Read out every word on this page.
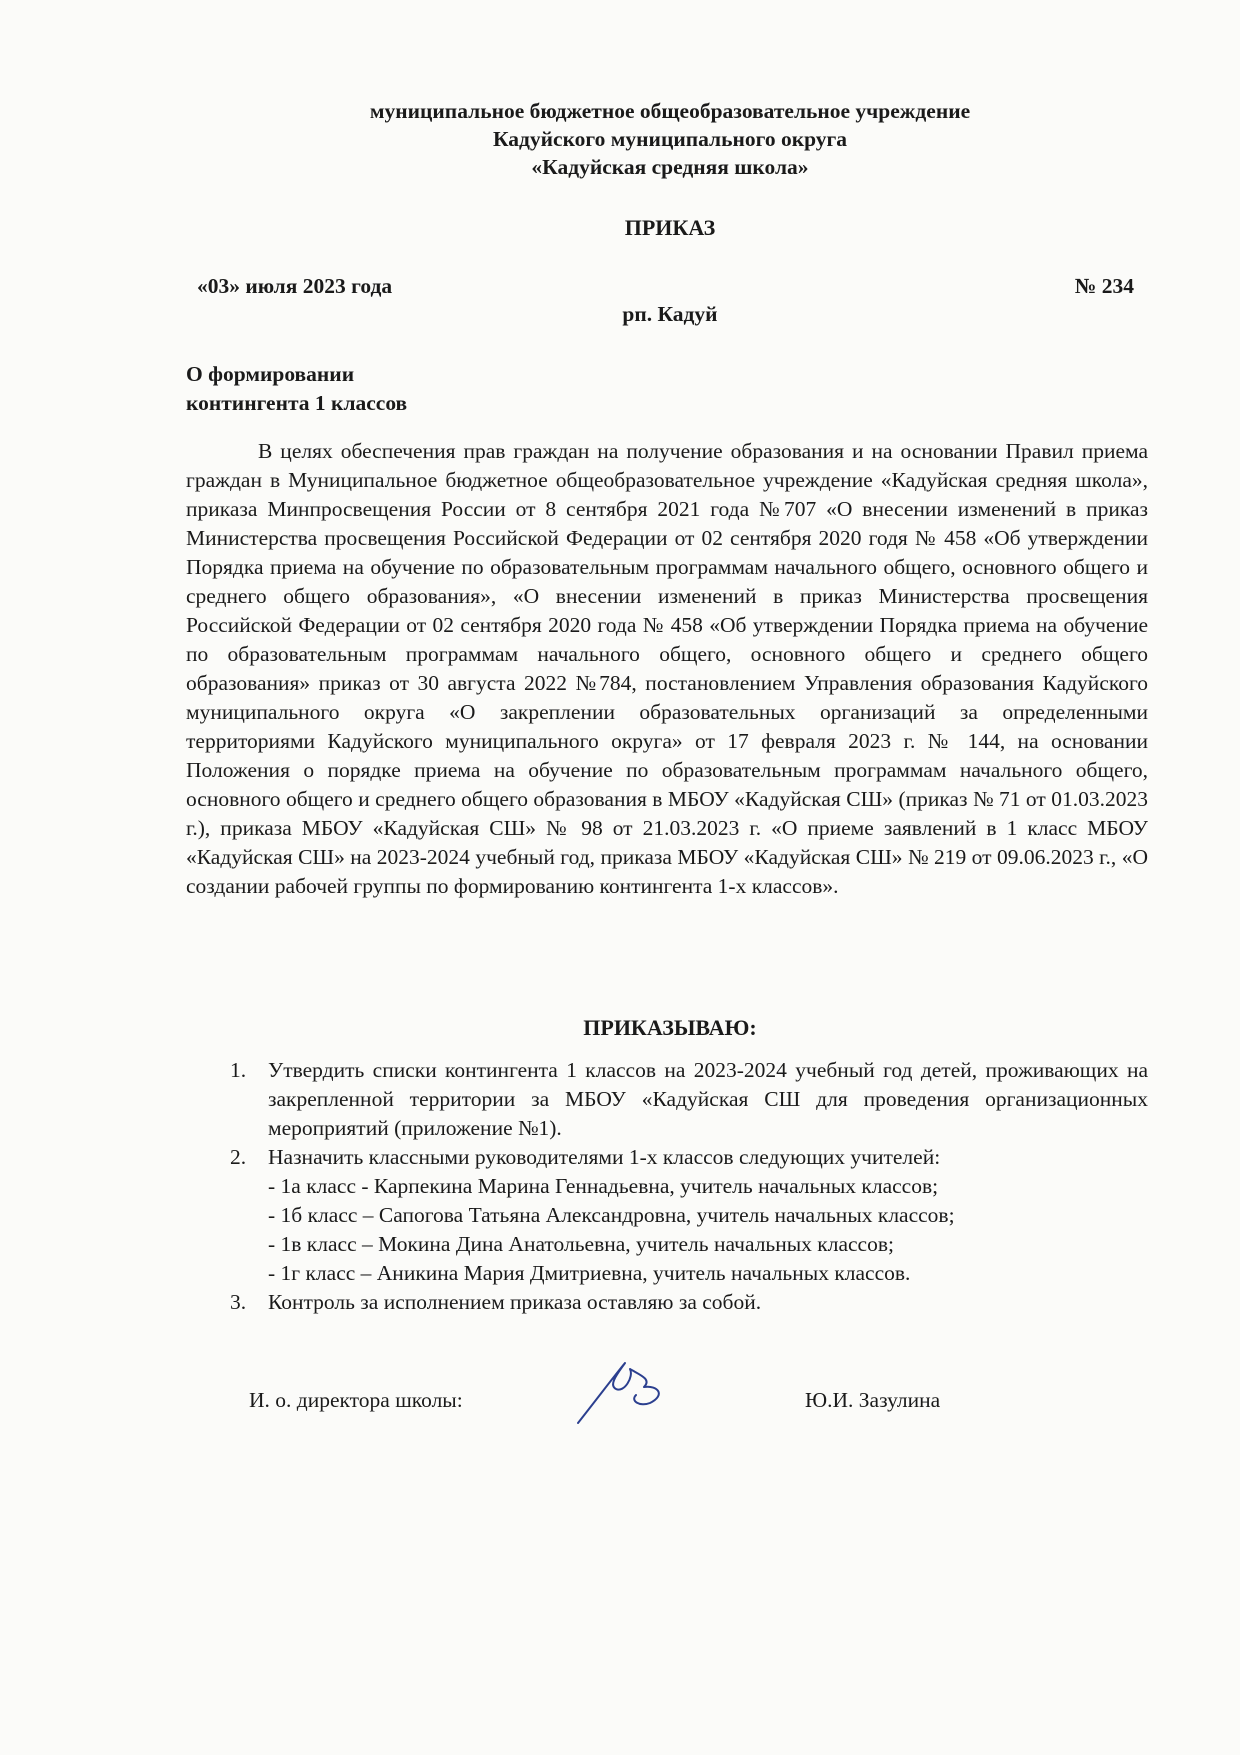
муниципальное бюджетное общеобразовательное учреждение
Кадуйского муниципального округа
«Кадуйская средняя школа»
ПРИКАЗ
«03» июля 2023 года	№ 234
рп. Кадуй
О формировании
контингента 1 классов

В целях обеспечения прав граждан на получение образования и на основании Правил приема граждан в Муниципальное бюджетное общеобразовательное учреждение «Кадуйская средняя школа», приказа Минпросвещения России от 8 сентября 2021 года №707 «О внесении изменений в приказ Министерства просвещения Российской Федерации от 02 сентября 2020 годя № 458 «Об утверждении Порядка приема на обучение по образовательным программам начального общего, основного общего и среднего общего образования», «О внесении изменений в приказ Министерства просвещения Российской Федерации от 02 сентября 2020 года № 458 «Об утверждении Порядка приема на обучение по образовательным программам начального общего, основного общего и среднего общего образования» приказ от 30 августа 2022 №784, постановлением Управления образования Кадуйского муниципального округа «О закреплении образовательных организаций за определенными территориями Кадуйского муниципального округа» от 17 февраля 2023 г. № 144, на основании Положения о порядке приема на обучение по образовательным программам начального общего, основного общего и среднего общего образования в МБОУ «Кадуйская СШ» (приказ № 71 от 01.03.2023 г.), приказа МБОУ «Кадуйская СШ» № 98 от 21.03.2023 г. «О приеме заявлений в 1 класс МБОУ «Кадуйская СШ» на 2023-2024 учебный год, приказа МБОУ «Кадуйская СШ» № 219 от 09.06.2023 г., «О создании рабочей группы по формированию контингента 1-х классов».

ПРИКАЗЫВАЮ:
1.	Утвердить списки контингента 1 классов на 2023-2024 учебный год детей, проживающих на закрепленной территории за МБОУ «Кадуйская СШ для проведения организационных мероприятий (приложение №1).
2.	Назначить классными руководителями 1-х классов следующих учителей:
- 1а класс - Карпекина Марина Геннадьевна, учитель начальных классов;
- 1б класс – Сапогова Татьяна Александровна, учитель начальных классов;
- 1в класс – Мокина Дина Анатольевна, учитель начальных классов;
- 1г класс – Аникина Мария Дмитриевна, учитель начальных классов.
3.	Контроль за исполнением приказа оставляю за собой.
И. о. директора школы:	Ю.И. Зазулина
